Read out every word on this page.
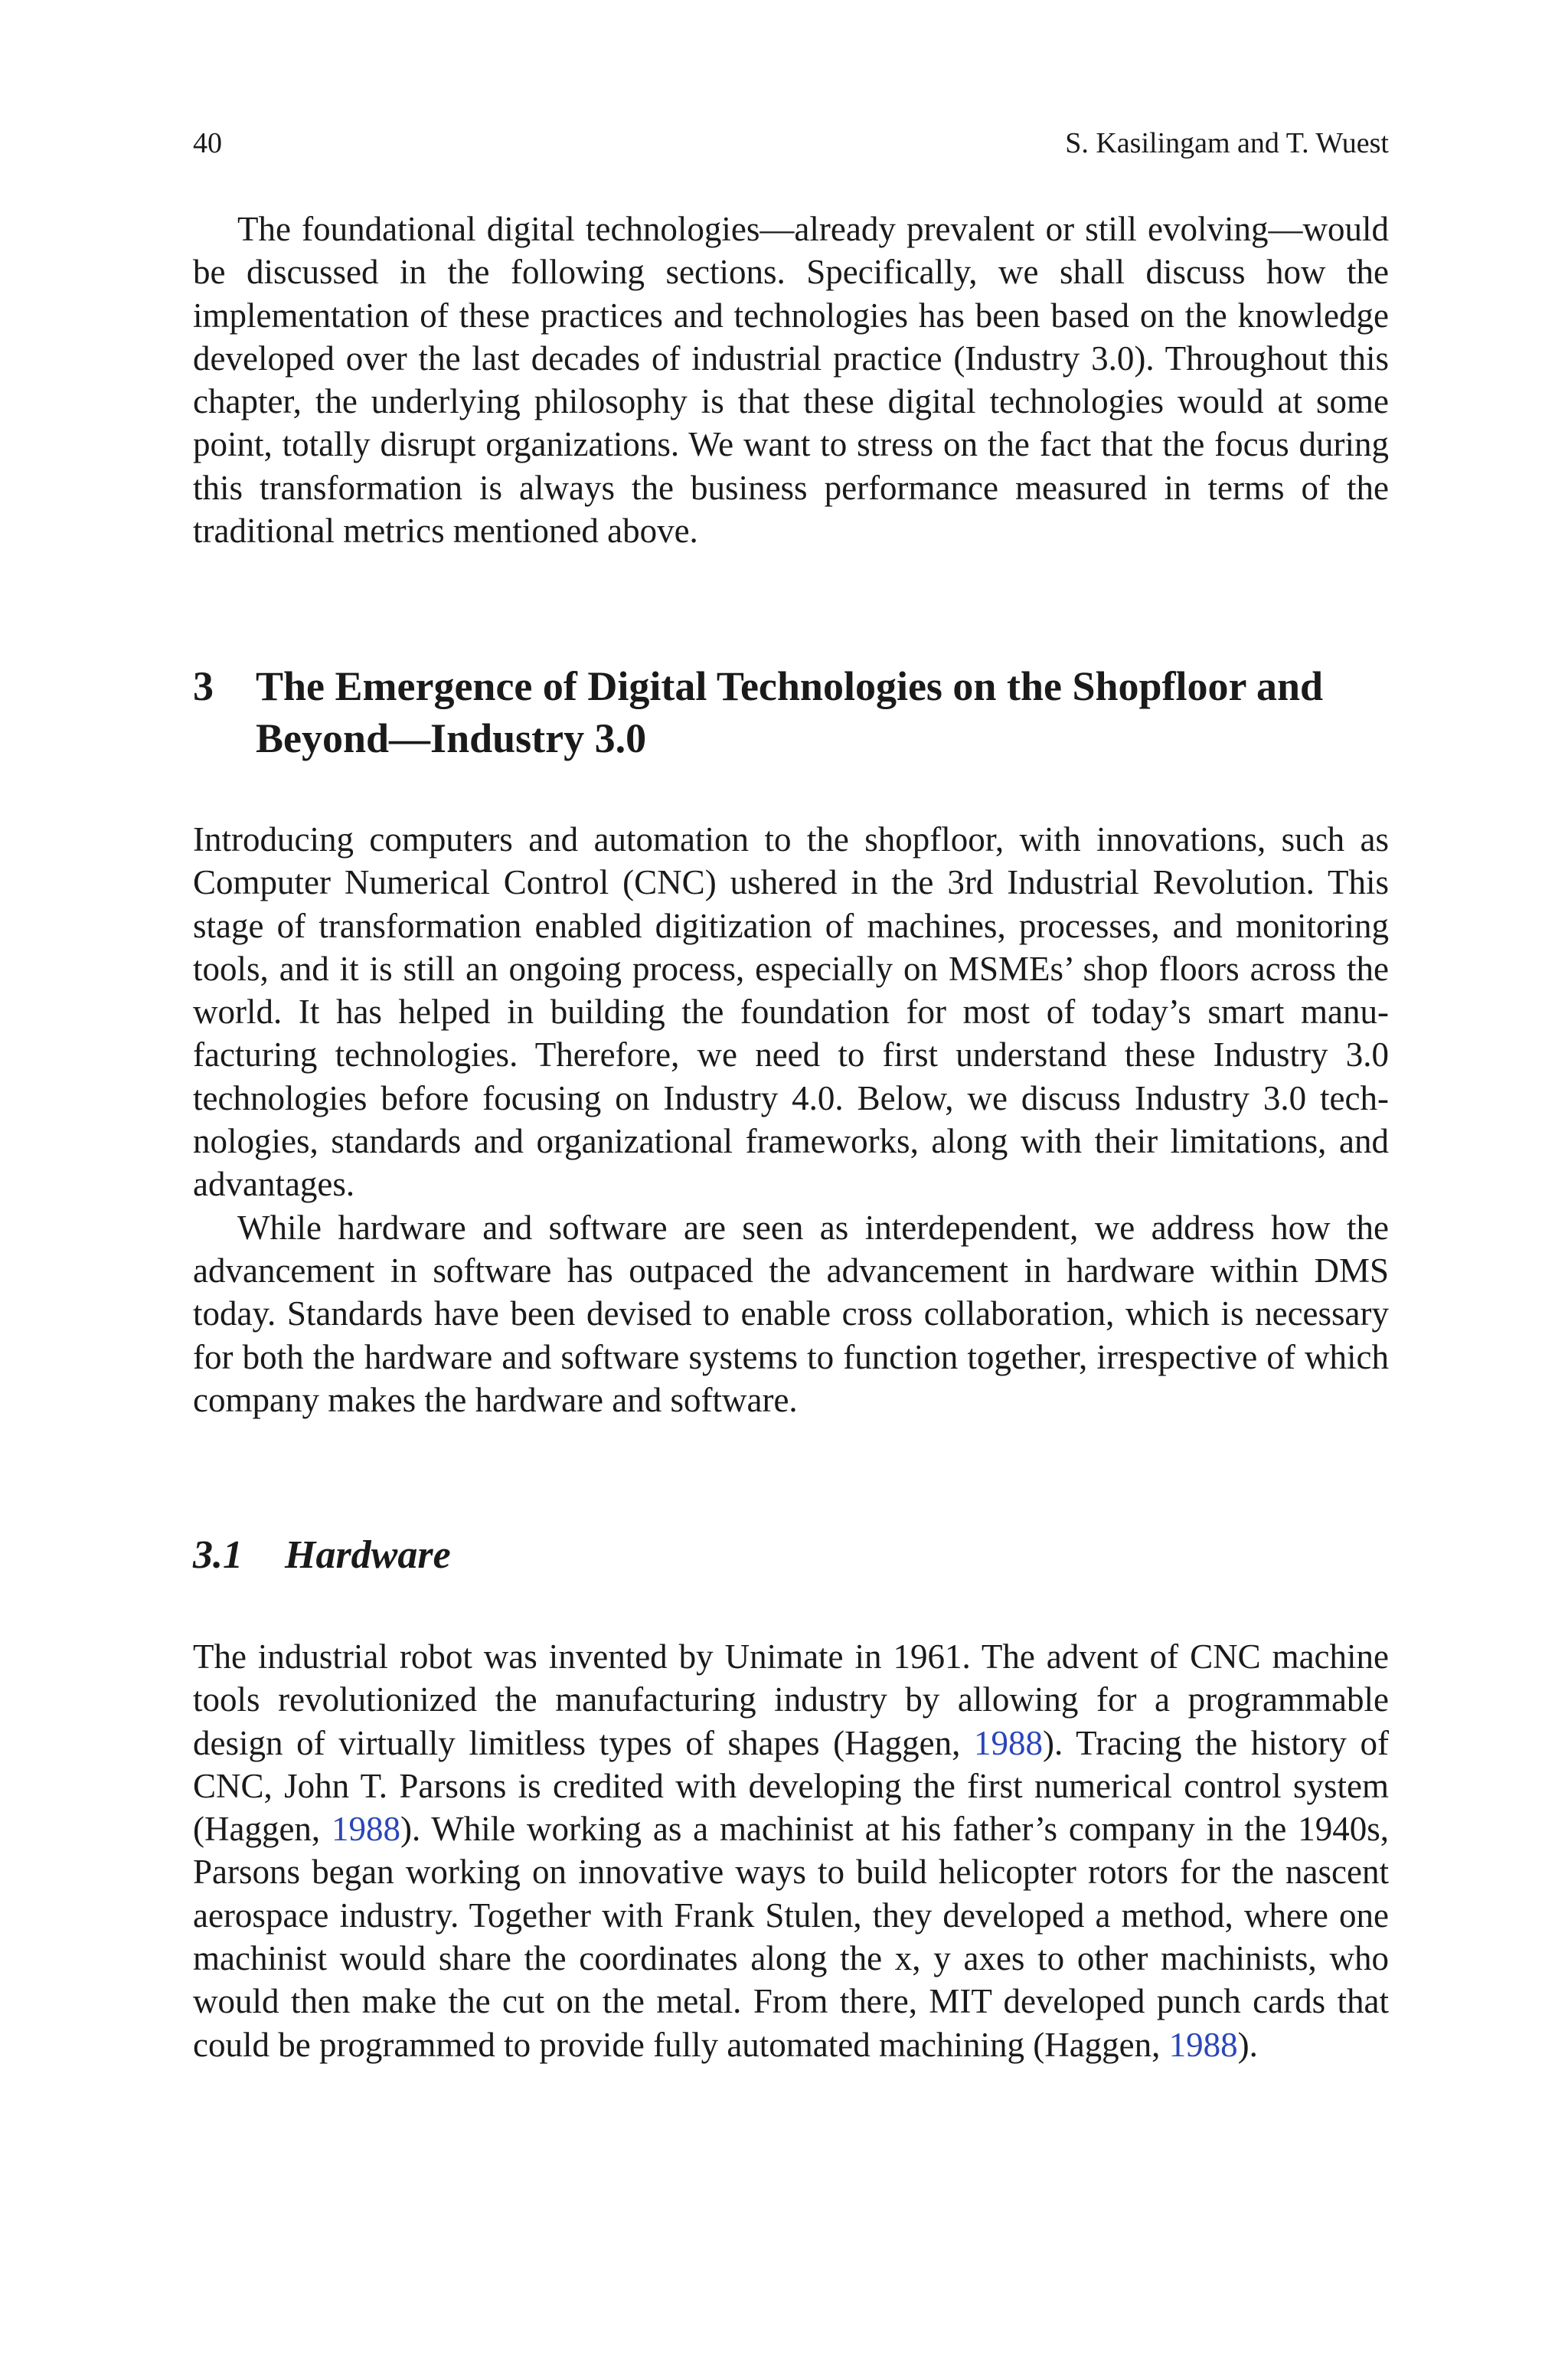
40	S. Kasilingam and T. Wuest

The foundational digital technologies—already prevalent or still evolving—would be discussed in the following sections. Specifically, we shall discuss how the implementation of these practices and technologies has been based on the knowledge developed over the last decades of industrial practice (Industry 3.0). Throughout this chapter, the underlying philosophy is that these digital technologies would at some point, totally disrupt organizations. We want to stress on the fact that the focus during this transformation is always the business performance measured in terms of the traditional metrics mentioned above.

3 The Emergence of Digital Technologies on the Shopfloor and Beyond—Industry 3.0

Introducing computers and automation to the shopfloor, with innovations, such as Computer Numerical Control (CNC) ushered in the 3rd Industrial Revolution. This stage of transformation enabled digitization of machines, processes, and monitoring tools, and it is still an ongoing process, especially on MSMEs’ shop floors across the world. It has helped in building the foundation for most of today’s smart manufacturing technologies. Therefore, we need to first understand these Industry 3.0 technologies before focusing on Industry 4.0. Below, we discuss Industry 3.0 technologies, standards and organizational frameworks, along with their limitations, and advantages.

While hardware and software are seen as interdependent, we address how the advancement in software has outpaced the advancement in hardware within DMS today. Standards have been devised to enable cross collaboration, which is necessary for both the hardware and software systems to function together, irrespective of which company makes the hardware and software.

3.1 Hardware

The industrial robot was invented by Unimate in 1961. The advent of CNC machine tools revolutionized the manufacturing industry by allowing for a programmable design of virtually limitless types of shapes (Haggen, 1988). Tracing the history of CNC, John T. Parsons is credited with developing the first numerical control system (Haggen, 1988). While working as a machinist at his father’s company in the 1940s, Parsons began working on innovative ways to build helicopter rotors for the nascent aerospace industry. Together with Frank Stulen, they developed a method, where one machinist would share the coordinates along the x, y axes to other machinists, who would then make the cut on the metal. From there, MIT developed punch cards that could be programmed to provide fully automated machining (Haggen, 1988).
